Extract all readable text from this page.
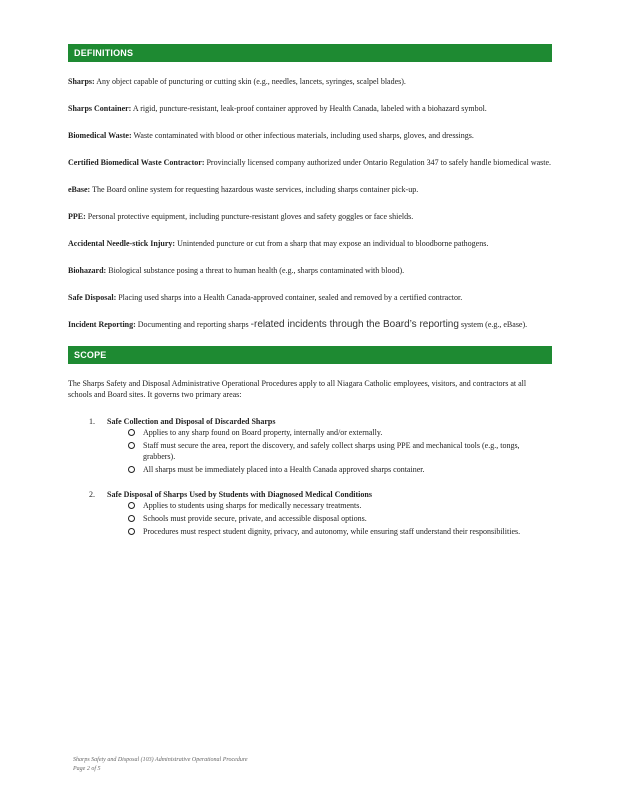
DEFINITIONS
Sharps: Any object capable of puncturing or cutting skin (e.g., needles, lancets, syringes, scalpel blades).
Sharps Container: A rigid, puncture-resistant, leak-proof container approved by Health Canada, labeled with a biohazard symbol.
Biomedical Waste: Waste contaminated with blood or other infectious materials, including used sharps, gloves, and dressings.
Certified Biomedical Waste Contractor: Provincially licensed company authorized under Ontario Regulation 347 to safely handle biomedical waste.
eBase: The Board online system for requesting hazardous waste services, including sharps container pick-up.
PPE: Personal protective equipment, including puncture-resistant gloves and safety goggles or face shields.
Accidental Needle-stick Injury: Unintended puncture or cut from a sharp that may expose an individual to bloodborne pathogens.
Biohazard: Biological substance posing a threat to human health (e.g., sharps contaminated with blood).
Safe Disposal: Placing used sharps into a Health Canada-approved container, sealed and removed by a certified contractor.
Incident Reporting: Documenting and reporting sharps -related incidents through the Board’s reporting system (e.g., eBase).
SCOPE
The Sharps Safety and Disposal Administrative Operational Procedures apply to all Niagara Catholic employees, visitors, and contractors at all schools and Board sites. It governs two primary areas:
1. Safe Collection and Disposal of Discarded Sharps
Applies to any sharp found on Board property, internally and/or externally.
Staff must secure the area, report the discovery, and safely collect sharps using PPE and mechanical tools (e.g., tongs, grabbers).
All sharps must be immediately placed into a Health Canada approved sharps container.
2. Safe Disposal of Sharps Used by Students with Diagnosed Medical Conditions
Applies to students using sharps for medically necessary treatments.
Schools must provide secure, private, and accessible disposal options.
Procedures must respect student dignity, privacy, and autonomy, while ensuring staff understand their responsibilities.
Sharps Safety and Disposal (103) Administrative Operational Procedure
Page 2 of 5
